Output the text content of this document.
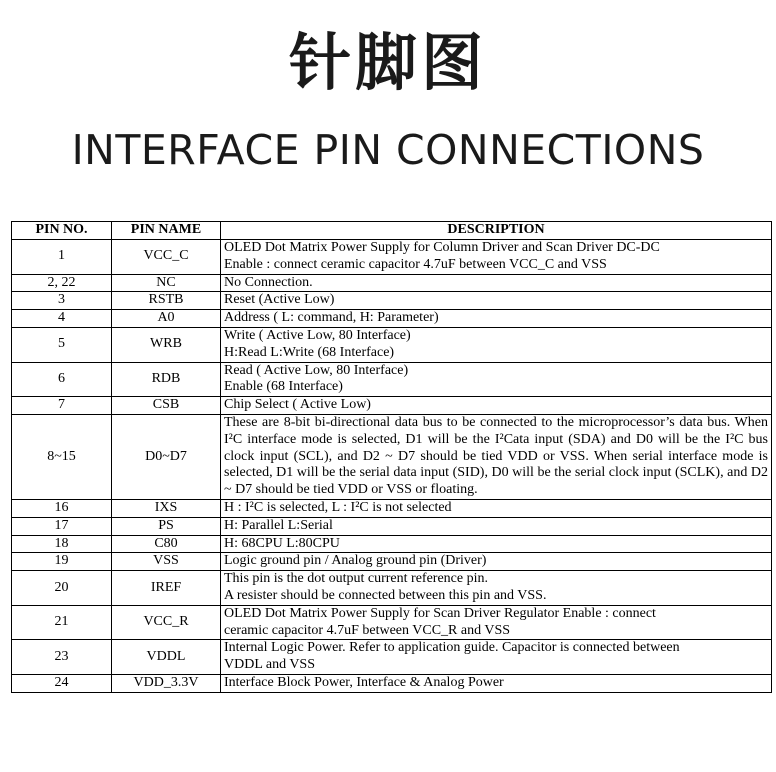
针脚图
INTERFACE PIN CONNECTIONS
PIN NO.	PIN NAME	DESCRIPTION
1	VCC_C	OLED Dot Matrix Power Supply for Column Driver and Scan Driver DC-DC
Enable : connect ceramic capacitor 4.7uF between VCC_C and VSS

2, 22	NC	No Connection.

3	RSTB	Reset (Active Low)

4	A0	Address ( L: command, H: Parameter)

5	WRB	Write ( Active Low, 80 Interface)
H:Read L:Write (68 Interface)

6	RDB	Read ( Active Low, 80 Interface)
Enable (68 Interface)

7	CSB	Chip Select ( Active Low)

8~15	D0~D7	These are 8-bit bi-directional data bus to be connected to the microprocessor’s data bus. When I²C interface mode is selected, D1 will be the I²Cata input (SDA) and D0 will be the I²C bus clock input (SCL), and D2 ~ D7 should be tied VDD or VSS. When serial interface mode is selected, D1 will be the serial data input (SID), D0 will be the serial clock input (SCLK), and D2 ~ D7 should be tied VDD or VSS or floating.

16	IXS	H : I²C is selected, L : I²C is not selected

17	PS	H: Parallel L:Serial

18	C80	H: 68CPU L:80CPU

19	VSS	Logic ground pin / Analog ground pin (Driver)

20	IREF	This pin is the dot output current reference pin.
A resister should be connected between this pin and VSS.

21	VCC_R	OLED Dot Matrix Power Supply for Scan Driver Regulator Enable : connect
ceramic capacitor 4.7uF between VCC_R and VSS

23	VDDL	Internal Logic Power. Refer to application guide. Capacitor is connected between
VDDL and VSS

24	VDD_3.3V	Interface Block Power, Interface & Analog Power
